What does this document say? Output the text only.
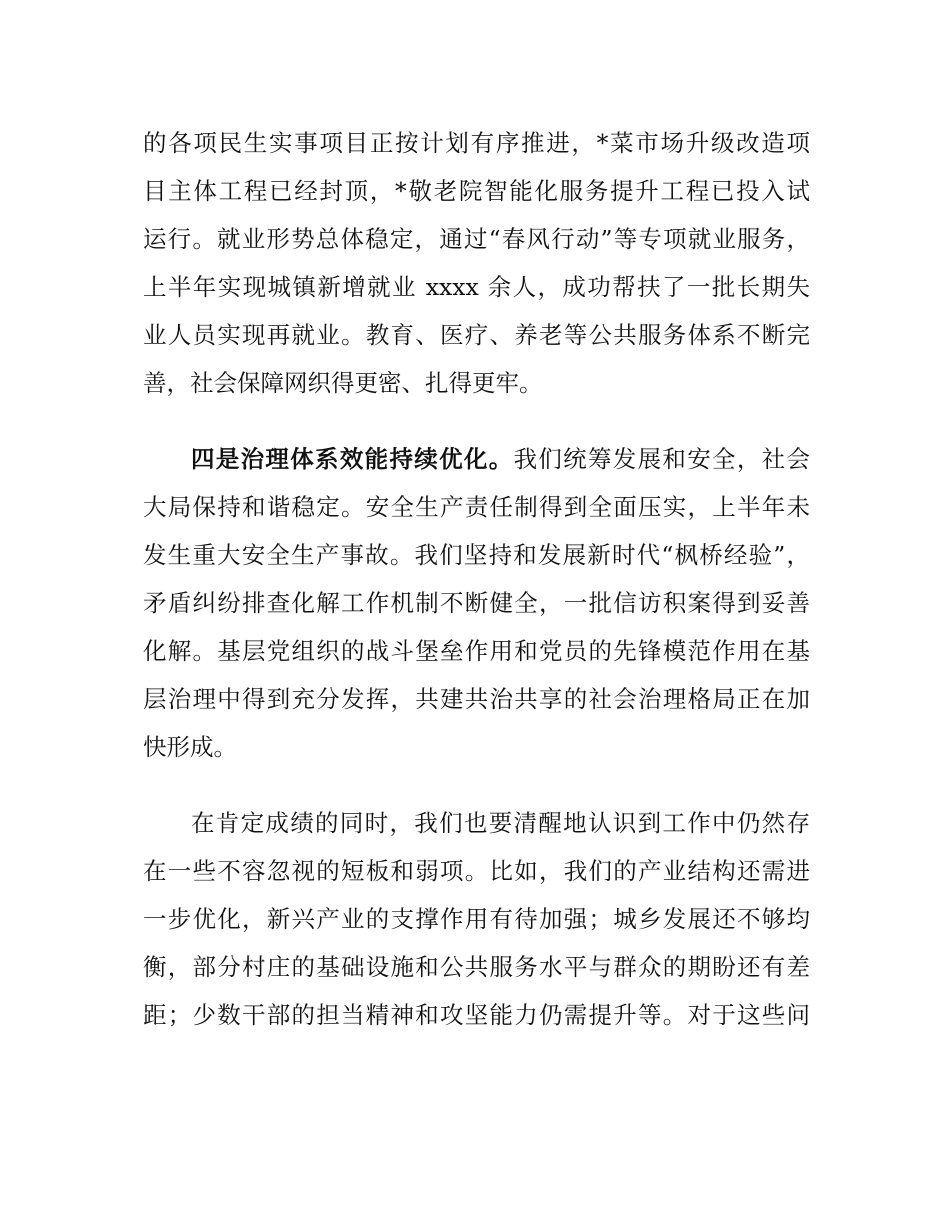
的各项民生实事项目正按计划有序推进，*菜市场升级改造项
目主体工程已经封顶，*敬老院智能化服务提升工程已投入试
运行。就业形势总体稳定，通过“春风行动”等专项就业服务，
上半年实现城镇新增就业 xxxx 余人，成功帮扶了一批长期失
业人员实现再就业。教育、医疗、养老等公共服务体系不断完
善，社会保障网织得更密、扎得更牢。
四是治理体系效能持续优化。我们统筹发展和安全，社会
大局保持和谐稳定。安全生产责任制得到全面压实，上半年未
发生重大安全生产事故。我们坚持和发展新时代“枫桥经验”，
矛盾纠纷排查化解工作机制不断健全，一批信访积案得到妥善
化解。基层党组织的战斗堡垒作用和党员的先锋模范作用在基
层治理中得到充分发挥，共建共治共享的社会治理格局正在加
快形成。
在肯定成绩的同时，我们也要清醒地认识到工作中仍然存
在一些不容忽视的短板和弱项。比如，我们的产业结构还需进
一步优化，新兴产业的支撑作用有待加强；城乡发展还不够均
衡，部分村庄的基础设施和公共服务水平与群众的期盼还有差
距；少数干部的担当精神和攻坚能力仍需提升等。对于这些问
